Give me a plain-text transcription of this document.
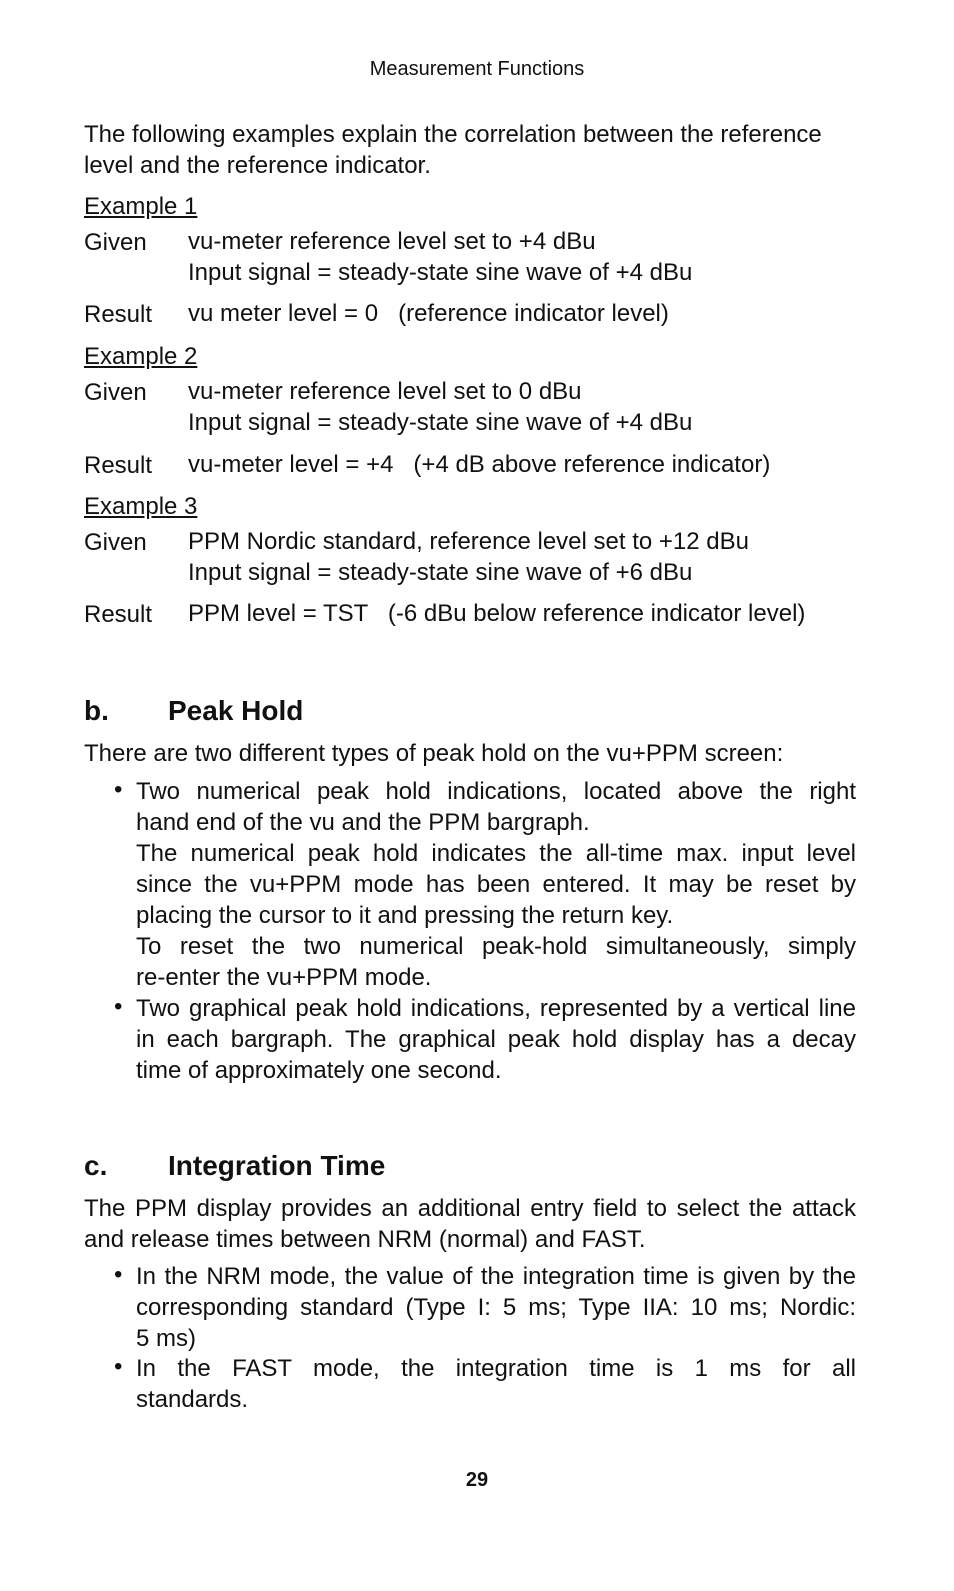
Measurement Functions
The following examples explain the correlation between the reference
level and the reference indicator.
Example 1
Given vu-meter reference level set to +4 dBu
Input signal = steady-state sine wave of +4 dBu
Result vu meter level = 0   (reference indicator level)
Example 2
Given vu-meter reference level set to 0 dBu
Input signal = steady-state sine wave of +4 dBu
Result vu-meter level = +4   (+4 dB above reference indicator)
Example 3
Given PPM Nordic standard, reference level set to +12 dBu
Input signal = steady-state sine wave of +6 dBu
Result PPM level = TST   (-6 dBu below reference indicator level)
b. Peak Hold
There are two different types of peak hold on the vu+PPM screen:
• Two numerical peak hold indications, located above the right
hand end of the vu and the PPM bargraph.
The numerical peak hold indicates the all-time max. input level
since the vu+PPM mode has been entered. It may be reset by
placing the cursor to it and pressing the return key.
To reset the two numerical peak-hold simultaneously, simply
re-enter the vu+PPM mode.
• Two graphical peak hold indications, represented by a vertical line
in each bargraph. The graphical peak hold display has a decay
time of approximately one second.
c. Integration Time
The PPM display provides an additional entry field to select the attack
and release times between NRM (normal) and FAST.
• In the NRM mode, the value of the integration time is given by the
corresponding standard (Type I: 5 ms; Type IIA: 10 ms; Nordic:
5 ms)
• In the FAST mode, the integration time is 1 ms for all
standards.
29
